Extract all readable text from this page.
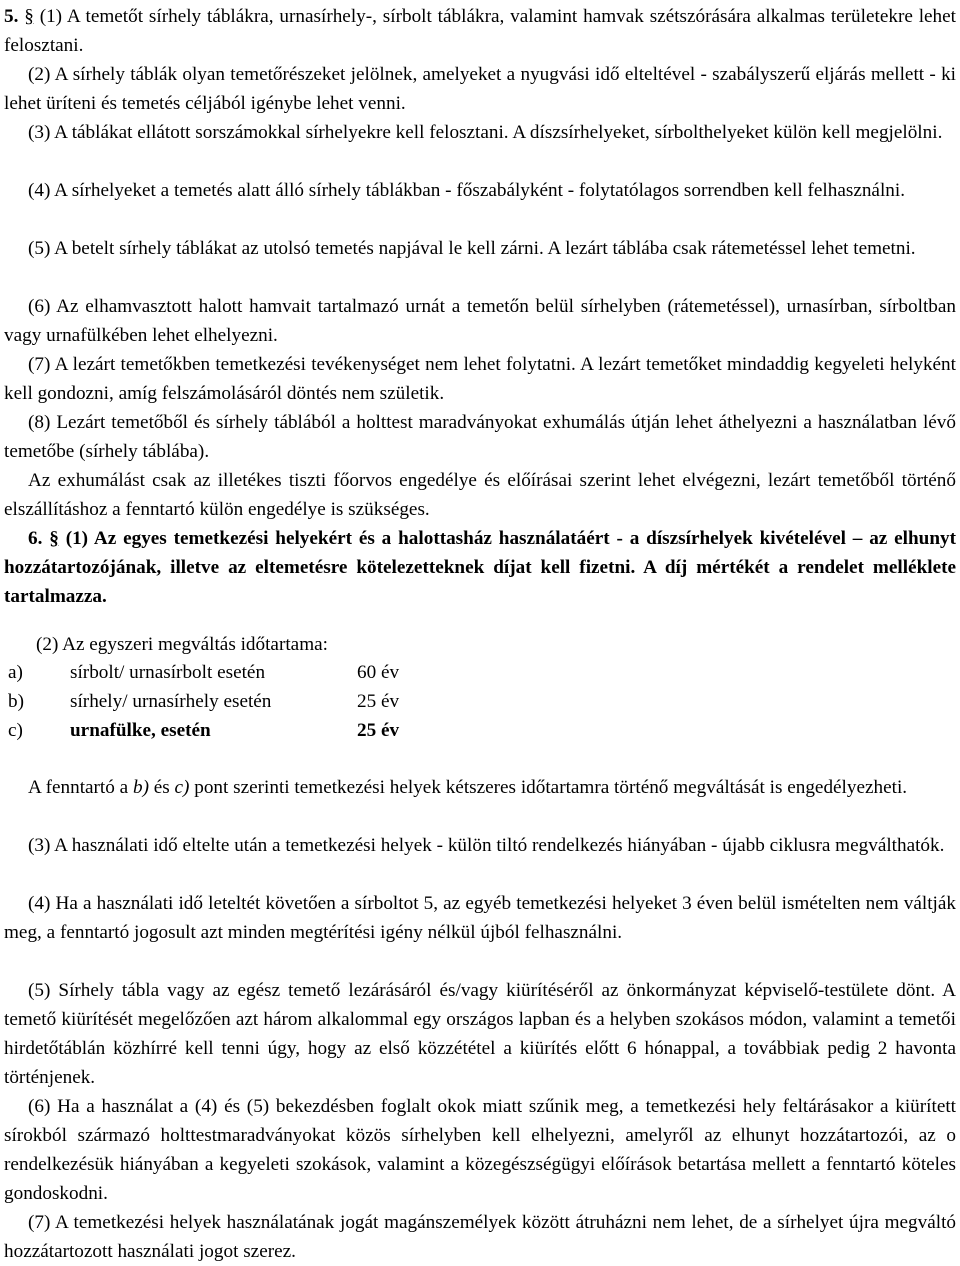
5. § (1) A temetőt sírhely táblákra, urnasírhely-, sírbolt táblákra, valamint hamvak szétszórására alkalmas területekre lehet felosztani.
(2) A sírhely táblák olyan temetőrészeket jelölnek, amelyeket a nyugvási idő elteltével - szabályszerű eljárás mellett - ki lehet üríteni és temetés céljából igénybe lehet venni.
(3) A táblákat ellátott sorszámokkal sírhelyekre kell felosztani. A díszsírhelyeket, sírbolthelyeket külön kell megjelölni.
(4) A sírhelyeket a temetés alatt álló sírhely táblákban - főszabályként - folytatólagos sorrendben kell felhasználni.
(5) A betelt sírhely táblákat az utolsó temetés napjával le kell zárni. A lezárt táblába csak rátemetéssel lehet temetni.
(6) Az elhamvasztott halott hamvait tartalmazó urnát a temetőn belül sírhelyben (rátemetéssel), urnasírban, sírboltban vagy urnafülkében lehet elhelyezni.
(7) A lezárt temetőkben temetkezési tevékenységet nem lehet folytatni. A lezárt temetőket mindaddig kegyeleti helyként kell gondozni, amíg felszámolásáról döntés nem születik.
(8) Lezárt temetőből és sírhely táblából a holttest maradványokat exhumálás útján lehet áthelyezni a használatban lévő temetőbe (sírhely táblába).
Az exhumálást csak az illetékes tiszti főorvos engedélye és előírásai szerint lehet elvégezni, lezárt temetőből történő elszállításhoz a fenntartó külön engedélye is szükséges.
6. § (1) Az egyes temetkezési helyekért és a halottasház használatáért - a díszsírhelyek kivételével – az elhunyt hozzátartozójának, illetve az eltemetésre kötelezetteknek díjat kell fizetni. A díj mértékét a rendelet melléklete tartalmazza.
(2) Az egyszeri megváltás időtartama:
a)	sírbolt/ urnasírbolt esetén	60 év
b)	sírhely/ urnasírhely esetén	25 év
c)	urnafülke, esetén	25 év
A fenntartó a b) és c) pont szerinti temetkezési helyek kétszeres időtartamra történő megváltását is engedélyezheti.
(3) A használati idő eltelte után a temetkezési helyek - külön tiltó rendelkezés hiányában - újabb ciklusra megválthatók.
(4) Ha a használati idő leteltét követően a sírboltot 5, az egyéb temetkezési helyeket 3 éven belül ismételten nem váltják meg, a fenntartó jogosult azt minden megtérítési igény nélkül újból felhasználni.
(5) Sírhely tábla vagy az egész temető lezárásáról és/vagy kiürítéséről az önkormányzat képviselő-testülete dönt. A temető kiürítését megelőzően azt három alkalommal egy országos lapban és a helyben szokásos módon, valamint a temetői hirdetőtáblán közhírré kell tenni úgy, hogy az első közzététel a kiürítés előtt 6 hónappal, a továbbiak pedig 2 havonta történjenek.
(6) Ha a használat a (4) és (5) bekezdésben foglalt okok miatt szűnik meg, a temetkezési hely feltárásakor a kiürített sírokból származó holttestmaradványokat közös sírhelyben kell elhelyezni, amelyről az elhunyt hozzátartozói, az o rendelkezésük hiányában a kegyeleti szokások, valamint a közegészségügyi előírások betartása mellett a fenntartó köteles gondoskodni.
(7) A temetkezési helyek használatának jogát magánszemélyek között átruházni nem lehet, de a sírhelyet újra megváltó hozzátartozott használati jogot szerez.
